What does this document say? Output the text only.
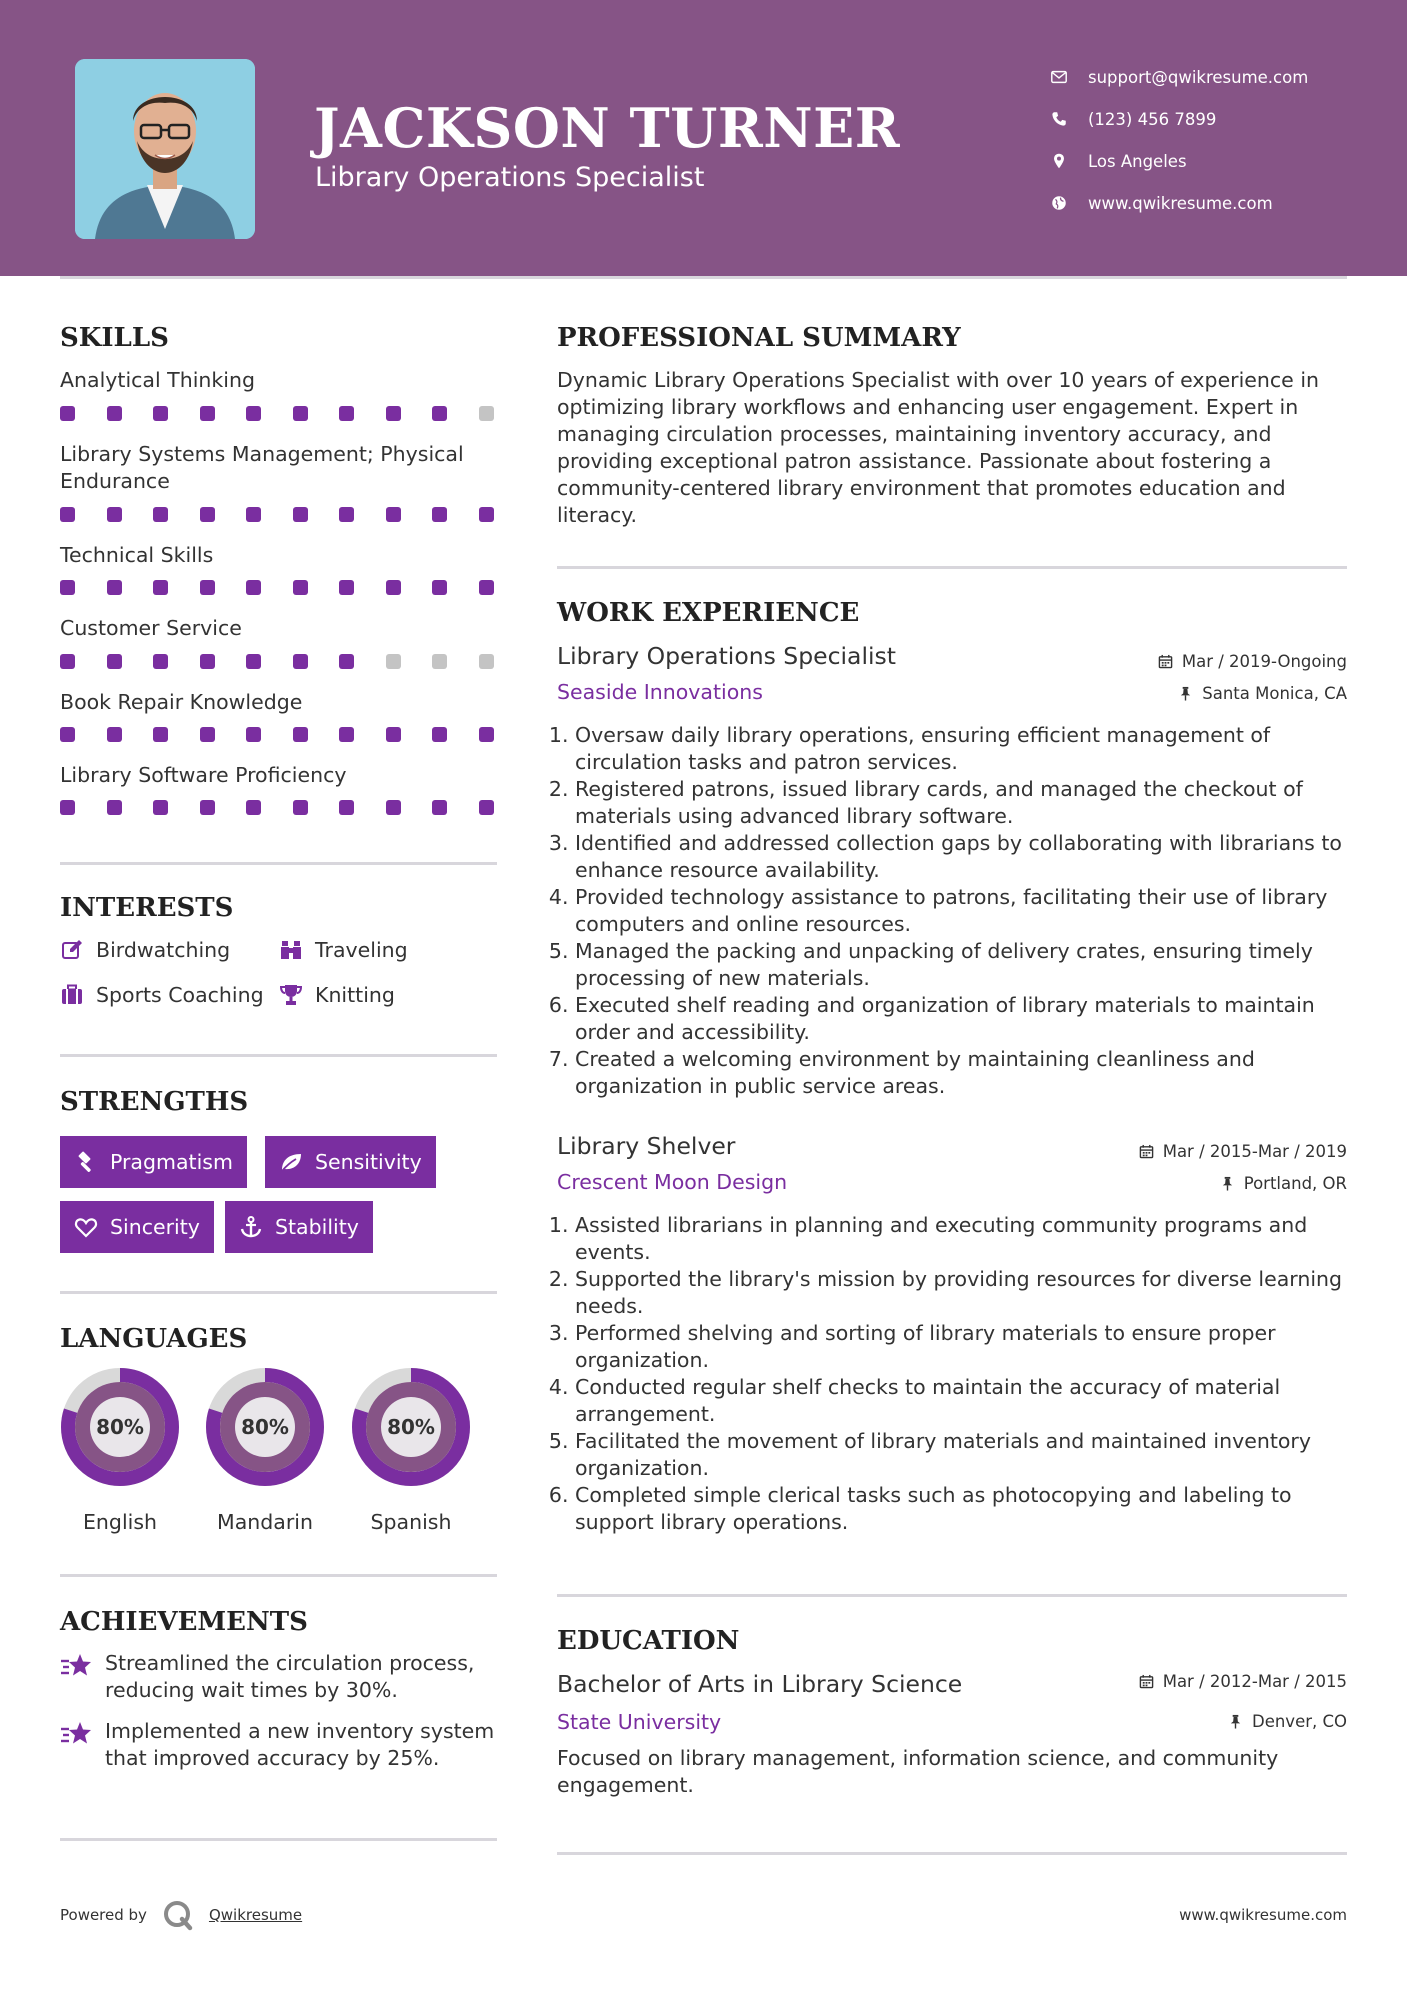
JACKSON TURNER
Library Operations Specialist
support@qwikresume.com
(123) 456 7899
Los Angeles
www.qwikresume.com
SKILLS
Analytical Thinking
Library Systems Management; Physical Endurance
Technical Skills
Customer Service
Book Repair Knowledge
Library Software Proficiency
INTERESTS
Birdwatching	Traveling
Sports Coaching	Knitting
STRENGTHS
Pragmatism	Sensitivity
Sincerity	Stability
LANGUAGES
80%
English
80%
Mandarin
80%
Spanish
ACHIEVEMENTS
Streamlined the circulation process, reducing wait times by 30%.
Implemented a new inventory system that improved accuracy by 25%.
PROFESSIONAL SUMMARY
Dynamic Library Operations Specialist with over 10 years of experience in optimizing library workflows and enhancing user engagement. Expert in managing circulation processes, maintaining inventory accuracy, and providing exceptional patron assistance. Passionate about fostering a community-centered library environment that promotes education and literacy.
WORK EXPERIENCE
Library Operations Specialist	Mar / 2019-Ongoing
Seaside Innovations	Santa Monica, CA
1. Oversaw daily library operations, ensuring efficient management of circulation tasks and patron services.
2. Registered patrons, issued library cards, and managed the checkout of materials using advanced library software.
3. Identified and addressed collection gaps by collaborating with librarians to enhance resource availability.
4. Provided technology assistance to patrons, facilitating their use of library computers and online resources.
5. Managed the packing and unpacking of delivery crates, ensuring timely processing of new materials.
6. Executed shelf reading and organization of library materials to maintain order and accessibility.
7. Created a welcoming environment by maintaining cleanliness and organization in public service areas.
Library Shelver	Mar / 2015-Mar / 2019
Crescent Moon Design	Portland, OR
1. Assisted librarians in planning and executing community programs and events.
2. Supported the library's mission by providing resources for diverse learning needs.
3. Performed shelving and sorting of library materials to ensure proper organization.
4. Conducted regular shelf checks to maintain the accuracy of material arrangement.
5. Facilitated the movement of library materials and maintained inventory organization.
6. Completed simple clerical tasks such as photocopying and labeling to support library operations.
EDUCATION
Bachelor of Arts in Library Science	Mar / 2012-Mar / 2015
State University	Denver, CO
Focused on library management, information science, and community engagement.
Powered by	Qwikresume	www.qwikresume.com
